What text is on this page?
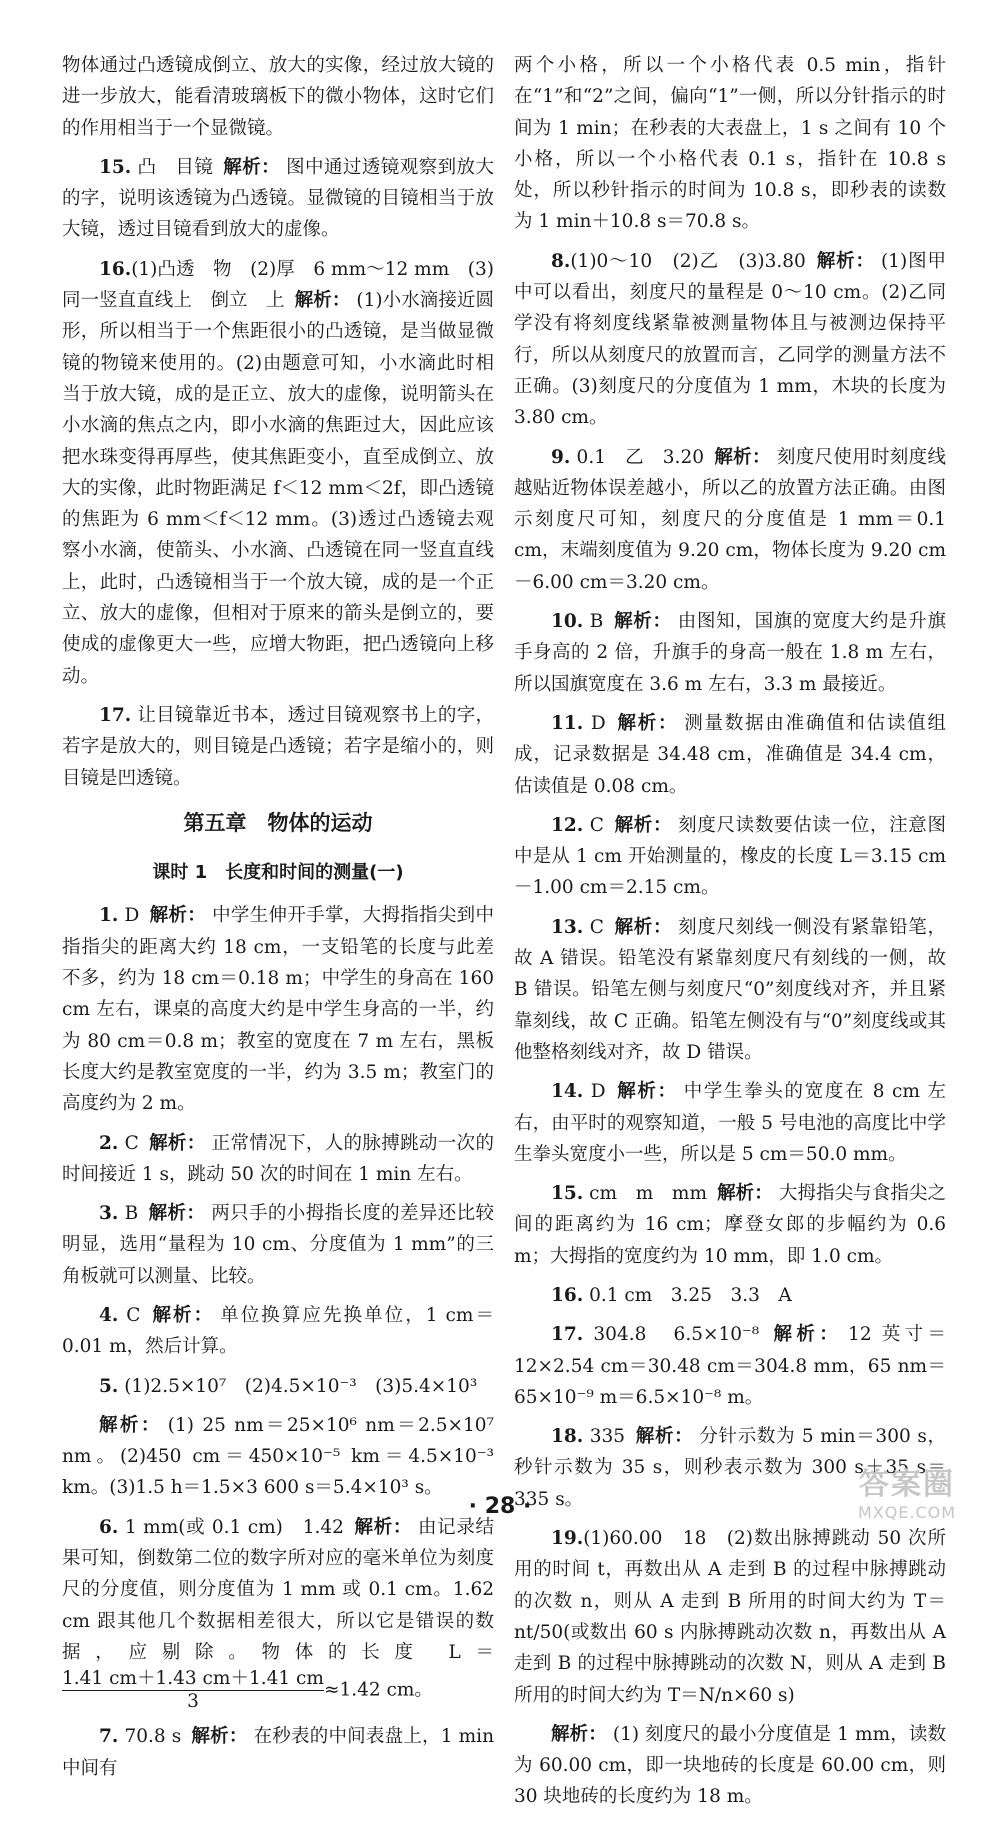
物体通过凸透镜成倒立、放大的实像，经过放大镜的进一步放大，能看清玻璃板下的微小物体，这时它们的作用相当于一个显微镜。

15. 凸　目镜 解析： 图中通过透镜观察到放大的字，说明该透镜为凸透镜。显微镜的目镜相当于放大镜，透过目镜看到放大的虚像。

16.(1)凸透　物　(2)厚　6 mm～12 mm　(3)同一竖直直线上　倒立　上 解析： (1)小水滴接近圆形，所以相当于一个焦距很小的凸透镜，是当做显微镜的物镜来使用的。(2)由题意可知，小水滴此时相当于放大镜，成的是正立、放大的虚像，说明箭头在小水滴的焦点之内，即小水滴的焦距过大，因此应该把水珠变得再厚些，使其焦距变小，直至成倒立、放大的实像，此时物距满足 f＜12 mm＜2f，即凸透镜的焦距为 6 mm＜f＜12 mm。(3)透过凸透镜去观察小水滴，使箭头、小水滴、凸透镜在同一竖直直线上，此时，凸透镜相当于一个放大镜，成的是一个正立、放大的虚像，但相对于原来的箭头是倒立的，要使成的虚像更大一些，应增大物距，把凸透镜向上移动。

17. 让目镜靠近书本，透过目镜观察书上的字，若字是放大的，则目镜是凸透镜；若字是缩小的，则目镜是凹透镜。

第五章　物体的运动
课时 1　长度和时间的测量(一)

1. D 解析： 中学生伸开手掌，大拇指指尖到中指指尖的距离大约 18 cm，一支铅笔的长度与此差不多，约为 18 cm＝0.18 m；中学生的身高在 160 cm 左右，课桌的高度大约是中学生身高的一半，约为 80 cm＝0.8 m；教室的宽度在 7 m 左右，黑板长度大约是教室宽度的一半，约为 3.5 m；教室门的高度约为 2 m。

2. C 解析： 正常情况下，人的脉搏跳动一次的时间接近 1 s，跳动 50 次的时间在 1 min 左右。

3. B 解析： 两只手的小拇指长度的差异还比较明显，选用“量程为 10 cm、分度值为 1 mm”的三角板就可以测量、比较。

4. C 解析： 单位换算应先换单位，1 cm＝0.01 m，然后计算。

5. (1)2.5×10⁷　(2)4.5×10⁻³　(3)5.4×10³

解析： (1) 25 nm＝25×10⁶ nm＝2.5×10⁷ nm。(2)450 cm＝450×10⁻⁵ km＝4.5×10⁻³ km。(3)1.5 h＝1.5×3 600 s＝5.4×10³ s。

6. 1 mm(或 0.1 cm)　1.42 解析： 由记录结果可知，倒数第二位的数字所对应的毫米单位为刻度尺的分度值，则分度值为 1 mm 或 0.1 cm。1.62 cm 跟其他几个数据相差很大，所以它是错误的数据，应剔除。物体的长度 L＝
$\frac{1.41 cm+1.43 cm+1.41 cm}{3} \approx 1.42$ cm。

7. 70.8 s 解析： 在秒表的中间表盘上，1 min 中间有

两个小格，所以一个小格代表 0.5 min，指针在“1”和“2”之间，偏向“1”一侧，所以分针指示的时间为 1 min；在秒表的大表盘上，1 s 之间有 10 个小格，所以一个小格代表 0.1 s，指针在 10.8 s 处，所以秒针指示的时间为 10.8 s，即秒表的读数为 1 min＋10.8 s＝70.8 s。

8.(1)0～10　(2)乙　(3)3.80 解析： (1)图甲中可以看出，刻度尺的量程是 0～10 cm。(2)乙同学没有将刻度线紧靠被测量物体且与被测边保持平行，所以从刻度尺的放置而言，乙同学的测量方法不正确。(3)刻度尺的分度值为 1 mm，木块的长度为 3.80 cm。

9. 0.1　乙　3.20 解析： 刻度尺使用时刻度线越贴近物体误差越小，所以乙的放置方法正确。由图示刻度尺可知，刻度尺的分度值是 1 mm＝0.1 cm，末端刻度值为 9.20 cm，物体长度为 9.20 cm－6.00 cm＝3.20 cm。

10. B 解析： 由图知，国旗的宽度大约是升旗手身高的 2 倍，升旗手的身高一般在 1.8 m 左右，所以国旗宽度在 3.6 m 左右，3.3 m 最接近。

11. D 解析： 测量数据由准确值和估读值组成，记录数据是 34.48 cm，准确值是 34.4 cm，估读值是 0.08 cm。

12. C 解析： 刻度尺读数要估读一位，注意图中是从 1 cm 开始测量的，橡皮的长度 L＝3.15 cm－1.00 cm＝2.15 cm。

13. C 解析： 刻度尺刻线一侧没有紧靠铅笔，故 A 错误。铅笔没有紧靠刻度尺有刻线的一侧，故 B 错误。铅笔左侧与刻度尺“0”刻度线对齐，并且紧靠刻线，故 C 正确。铅笔左侧没有与“0”刻度线或其他整格刻线对齐，故 D 错误。

14. D 解析： 中学生拳头的宽度在 8 cm 左右，由平时的观察知道，一般 5 号电池的高度比中学生拳头宽度小一些，所以是 5 cm＝50.0 mm。

15. cm　m　mm 解析： 大拇指尖与食指尖之间的距离约为 16 cm；摩登女郎的步幅约为 0.6 m；大拇指的宽度约为 10 mm，即 1.0 cm。

16. 0.1 cm　3.25　3.3　A

17. 304.8　6.5×10⁻⁸ 解析： 12 英寸＝12×2.54 cm＝30.48 cm＝304.8 mm，65 nm＝65×10⁻⁹ m＝6.5×10⁻⁸ m。

18. 335 解析： 分针示数为 5 min＝300 s，秒针示数为 35 s，则秒表示数为 300 s＋35 s＝335 s。

19.(1)60.00　18　(2)数出脉搏跳动 50 次所用的时间 t，再数出从 A 走到 B 的过程中脉搏跳动的次数 n，则从 A 走到 B 所用的时间大约为 T＝nt/50(或数出 60 s 内脉搏跳动次数 n，再数出从 A 走到 B 的过程中脉搏跳动的次数 N，则从 A 走到 B 所用的时间大约为 T＝N/n×60 s)

解析： (1) 刻度尺的最小分度值是 1 mm，读数为 60.00 cm，即一块地砖的长度是 60.00 cm，则 30 块地砖的长度约为 18 m。

· 28 ·
答案圈
MXQE.COM
